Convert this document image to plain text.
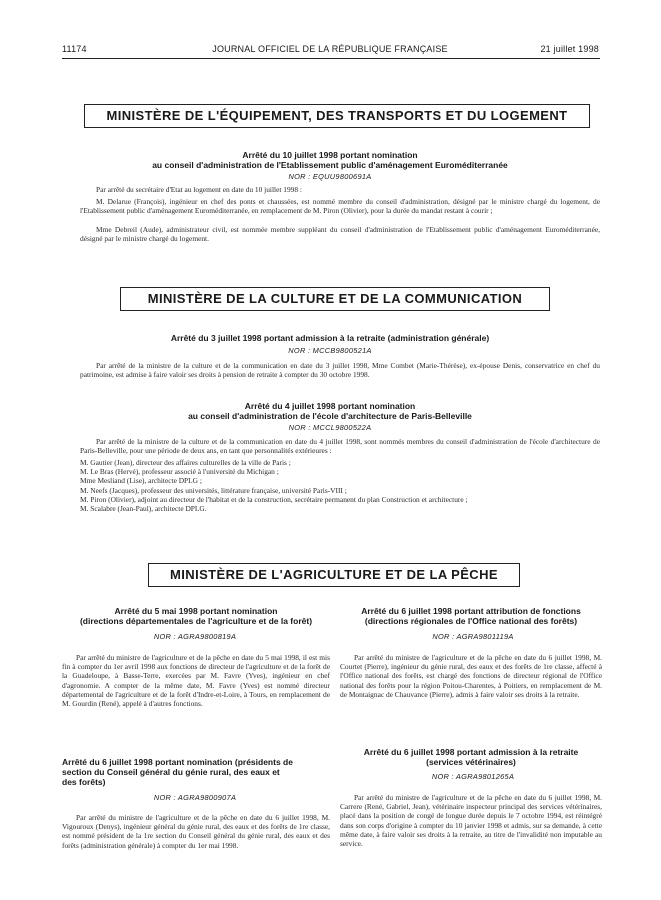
11174	JOURNAL OFFICIEL DE LA RÉPUBLIQUE FRANÇAISE	21 juillet 1998
MINISTÈRE DE L'ÉQUIPEMENT, DES TRANSPORTS ET DU LOGEMENT
Arrêté du 10 juillet 1998 portant nomination
au conseil d'administration de l'Etablissement public d'aménagement Euroméditerranée
NOR : EQUU9800691A
Par arrêté du secrétaire d'Etat au logement en date du 10 juillet 1998 :
M. Delarue (François), ingénieur en chef des ponts et chaussées, est nommé membre du conseil d'administration, désigné par le ministre chargé du logement, de l'Etablissement public d'aménagement Euroméditerranée, en remplacement de M. Piron (Olivier), pour la durée du mandat restant à courir ;
Mme Debreil (Aude), administrateur civil, est nommée membre suppléant du conseil d'administration de l'Etablissement public d'aménagement Euroméditerranée, désigné par le ministre chargé du logement.
MINISTÈRE DE LA CULTURE ET DE LA COMMUNICATION
Arrêté du 3 juillet 1998 portant admission à la retraite (administration générale)
NOR : MCCB9800521A
Par arrêté de la ministre de la culture et de la communication en date du 3 juillet 1998, Mme Combet (Marie-Thérèse), ex-épouse Denis, conservatrice en chef du patrimoine, est admise à faire valoir ses droits à pension de retraite à compter du 30 octobre 1998.
Arrêté du 4 juillet 1998 portant nomination
au conseil d'administration de l'école d'architecture de Paris-Belleville
NOR : MCCL9800522A
Par arrêté de la ministre de la culture et de la communication en date du 4 juillet 1998, sont nommés membres du conseil d'administration de l'école d'architecture de Paris-Belleville, pour une période de deux ans, en tant que personnalités extérieures :
M. Gautier (Jean), directeur des affaires culturelles de la ville de Paris ;
M. Le Bras (Hervé), professeur associé à l'université du Michigan ;
Mme Mesliand (Lise), architecte DPLG ;
M. Neefs (Jacques), professeur des universités, littérature française, université Paris-VIII ;
M. Piron (Olivier), adjoint au directeur de l'habitat et de la construction, secrétaire permanent du plan Construction et architecture ;
M. Scalabre (Jean-Paul), architecte DPLG.
MINISTÈRE DE L'AGRICULTURE ET DE LA PÊCHE
Arrêté du 5 mai 1998 portant nomination
(directions départementales de l'agriculture et de la forêt)
NOR : AGRA9800819A
Par arrêté du ministre de l'agriculture et de la pêche en date du 5 mai 1998, il est mis fin à compter du 1er avril 1998 aux fonctions de directeur de l'agriculture et de la forêt de la Guadeloupe, à Basse-Terre, exercées par M. Favre (Yves), ingénieur en chef d'agronomie. A compter de la même date, M. Favre (Yves) est nommé directeur départemental de l'agriculture et de la forêt d'Indre-et-Loire, à Tours, en remplacement de M. Gourdin (René), appelé à d'autres fonctions.
Arrêté du 6 juillet 1998 portant nomination (présidents de
section du Conseil général du génie rural, des eaux et
des forêts)
NOR : AGRA9800907A
Par arrêté du ministre de l'agriculture et de la pêche en date du 6 juillet 1998, M. Vigouroux (Denys), ingénieur général du génie rural, des eaux et des forêts de 1re classe, est nommé président de la 1re section du Conseil général du génie rural, des eaux et des forêts (administration générale) à compter du 1er mai 1998.
Arrêté du 6 juillet 1998 portant attribution de fonctions
(directions régionales de l'Office national des forêts)
NOR : AGRA9801119A
Par arrêté du ministre de l'agriculture et de la pêche en date du 6 juillet 1998, M. Courtet (Pierre), ingénieur du génie rural, des eaux et des forêts de 1re classe, affecté à l'Office national des forêts, est chargé des fonctions de directeur régional de l'Office national des forêts pour la région Poitou-Charentes, à Poitiers, en remplacement de M. de Montaignac de Chauvance (Pierre), admis à faire valoir ses droits à la retraite.
Arrêté du 6 juillet 1998 portant admission à la retraite
(services vétérinaires)
NOR : AGRA9801265A
Par arrêté du ministre de l'agriculture et de la pêche en date du 6 juillet 1998, M. Carrere (René, Gabriel, Jean), vétérinaire inspecteur principal des services vétérinaires, placé dans la position de congé de longue durée depuis le 7 octobre 1994, est réintégré dans son corps d'origine à compter du 10 janvier 1998 et admis, sur sa demande, à cette même date, à faire valoir ses droits à la retraite, au titre de l'invalidité non imputable au service.
